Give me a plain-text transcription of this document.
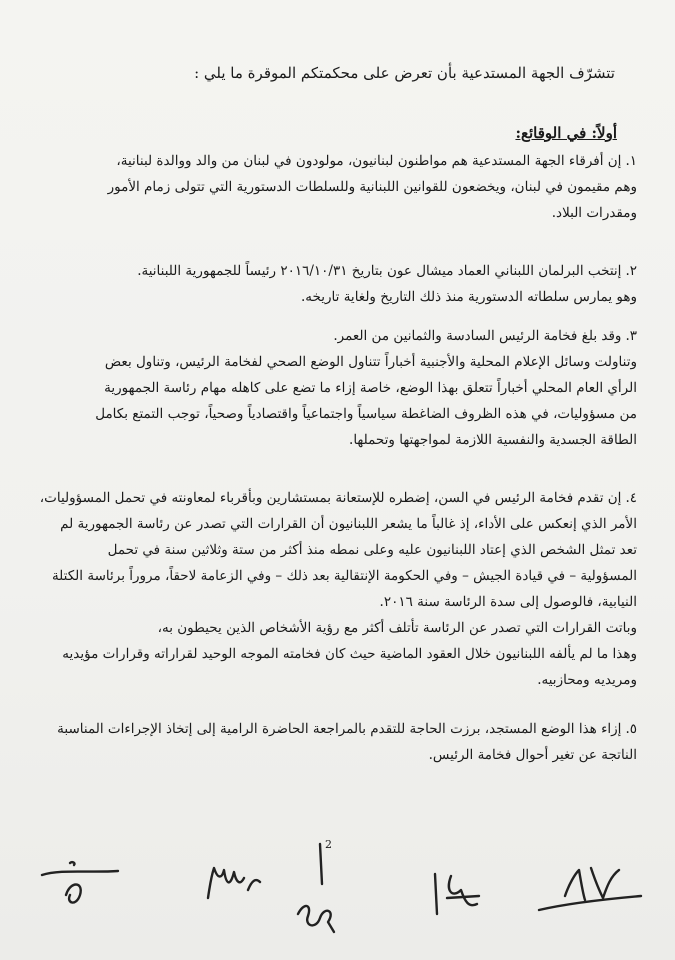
تتشرّف الجهة المستدعية بأن تعرض على محكمتكم الموقرة ما يلي :
أولاً: في الوقائع:
١.إن أفرقاء الجهة المستدعية هم مواطنون لبنانيون، مولودون في لبنان من والد ووالدة لبنانية،
وهم مقيمون في لبنان، ويخضعون للقوانين اللبنانية وللسلطات الدستورية التي تتولى زمام الأمور
ومقدرات البلاد.
٢.إنتخب البرلمان اللبناني العماد ميشال عون بتاريخ ٢٠١٦/١٠/٣١ رئيساً للجمهورية اللبنانية.
وهو يمارس سلطاته الدستورية منذ ذلك التاريخ ولغاية تاريخه.
٣.وقد بلغ فخامة الرئيس السادسة والثمانين من العمر.
وتناولت وسائل الإعلام المحلية والأجنبية أخباراً تتناول الوضع الصحي لفخامة الرئيس، وتناول بعض
الرأي العام المحلي أخباراً تتعلق بهذا الوضع، خاصة إزاء ما تضع على كاهله مهام رئاسة الجمهورية
من مسؤوليات، في هذه الظروف الضاغطة سياسياً واجتماعياً واقتصادياً وصحياً، توجب التمتع بكامل
الطاقة الجسدية والنفسية اللازمة لمواجهتها وتحملها.
٤.إن تقدم فخامة الرئيس في السن، إضطره للإستعانة بمستشارين وبأقرباء لمعاونته في تحمل المسؤوليات،
الأمر الذي إنعكس على الأداء، إذ غالباً ما يشعر اللبنانيون أن القرارات التي تصدر عن رئاسة الجمهورية لم
تعد تمثل الشخص الذي إعتاد اللبنانيون عليه وعلى نمطه منذ أكثر من ستة وثلاثين سنة في تحمل
المسؤولية – في قيادة الجيش – وفي الحكومة الإنتقالية بعد ذلك – وفي الزعامة لاحقاً، مروراً برئاسة الكتلة
النيابية، فالوصول إلى سدة الرئاسة سنة ٢٠١٦.
وباتت القرارات التي تصدر عن الرئاسة تأتلف أكثر مع رؤية الأشخاص الذين يحيطون به،
وهذا ما لم يألفه اللبنانيون خلال العقود الماضية حيث كان فخامته الموجه الوحيد لقراراته وقرارات مؤيديه
ومريديه ومحازبيه.
٥.إزاء هذا الوضع المستجد، برزت الحاجة للتقدم بالمراجعة الحاضرة الرامية إلى إتخاذ الإجراءات المناسبة
الناتجة عن تغير أحوال فخامة الرئيس.
2
